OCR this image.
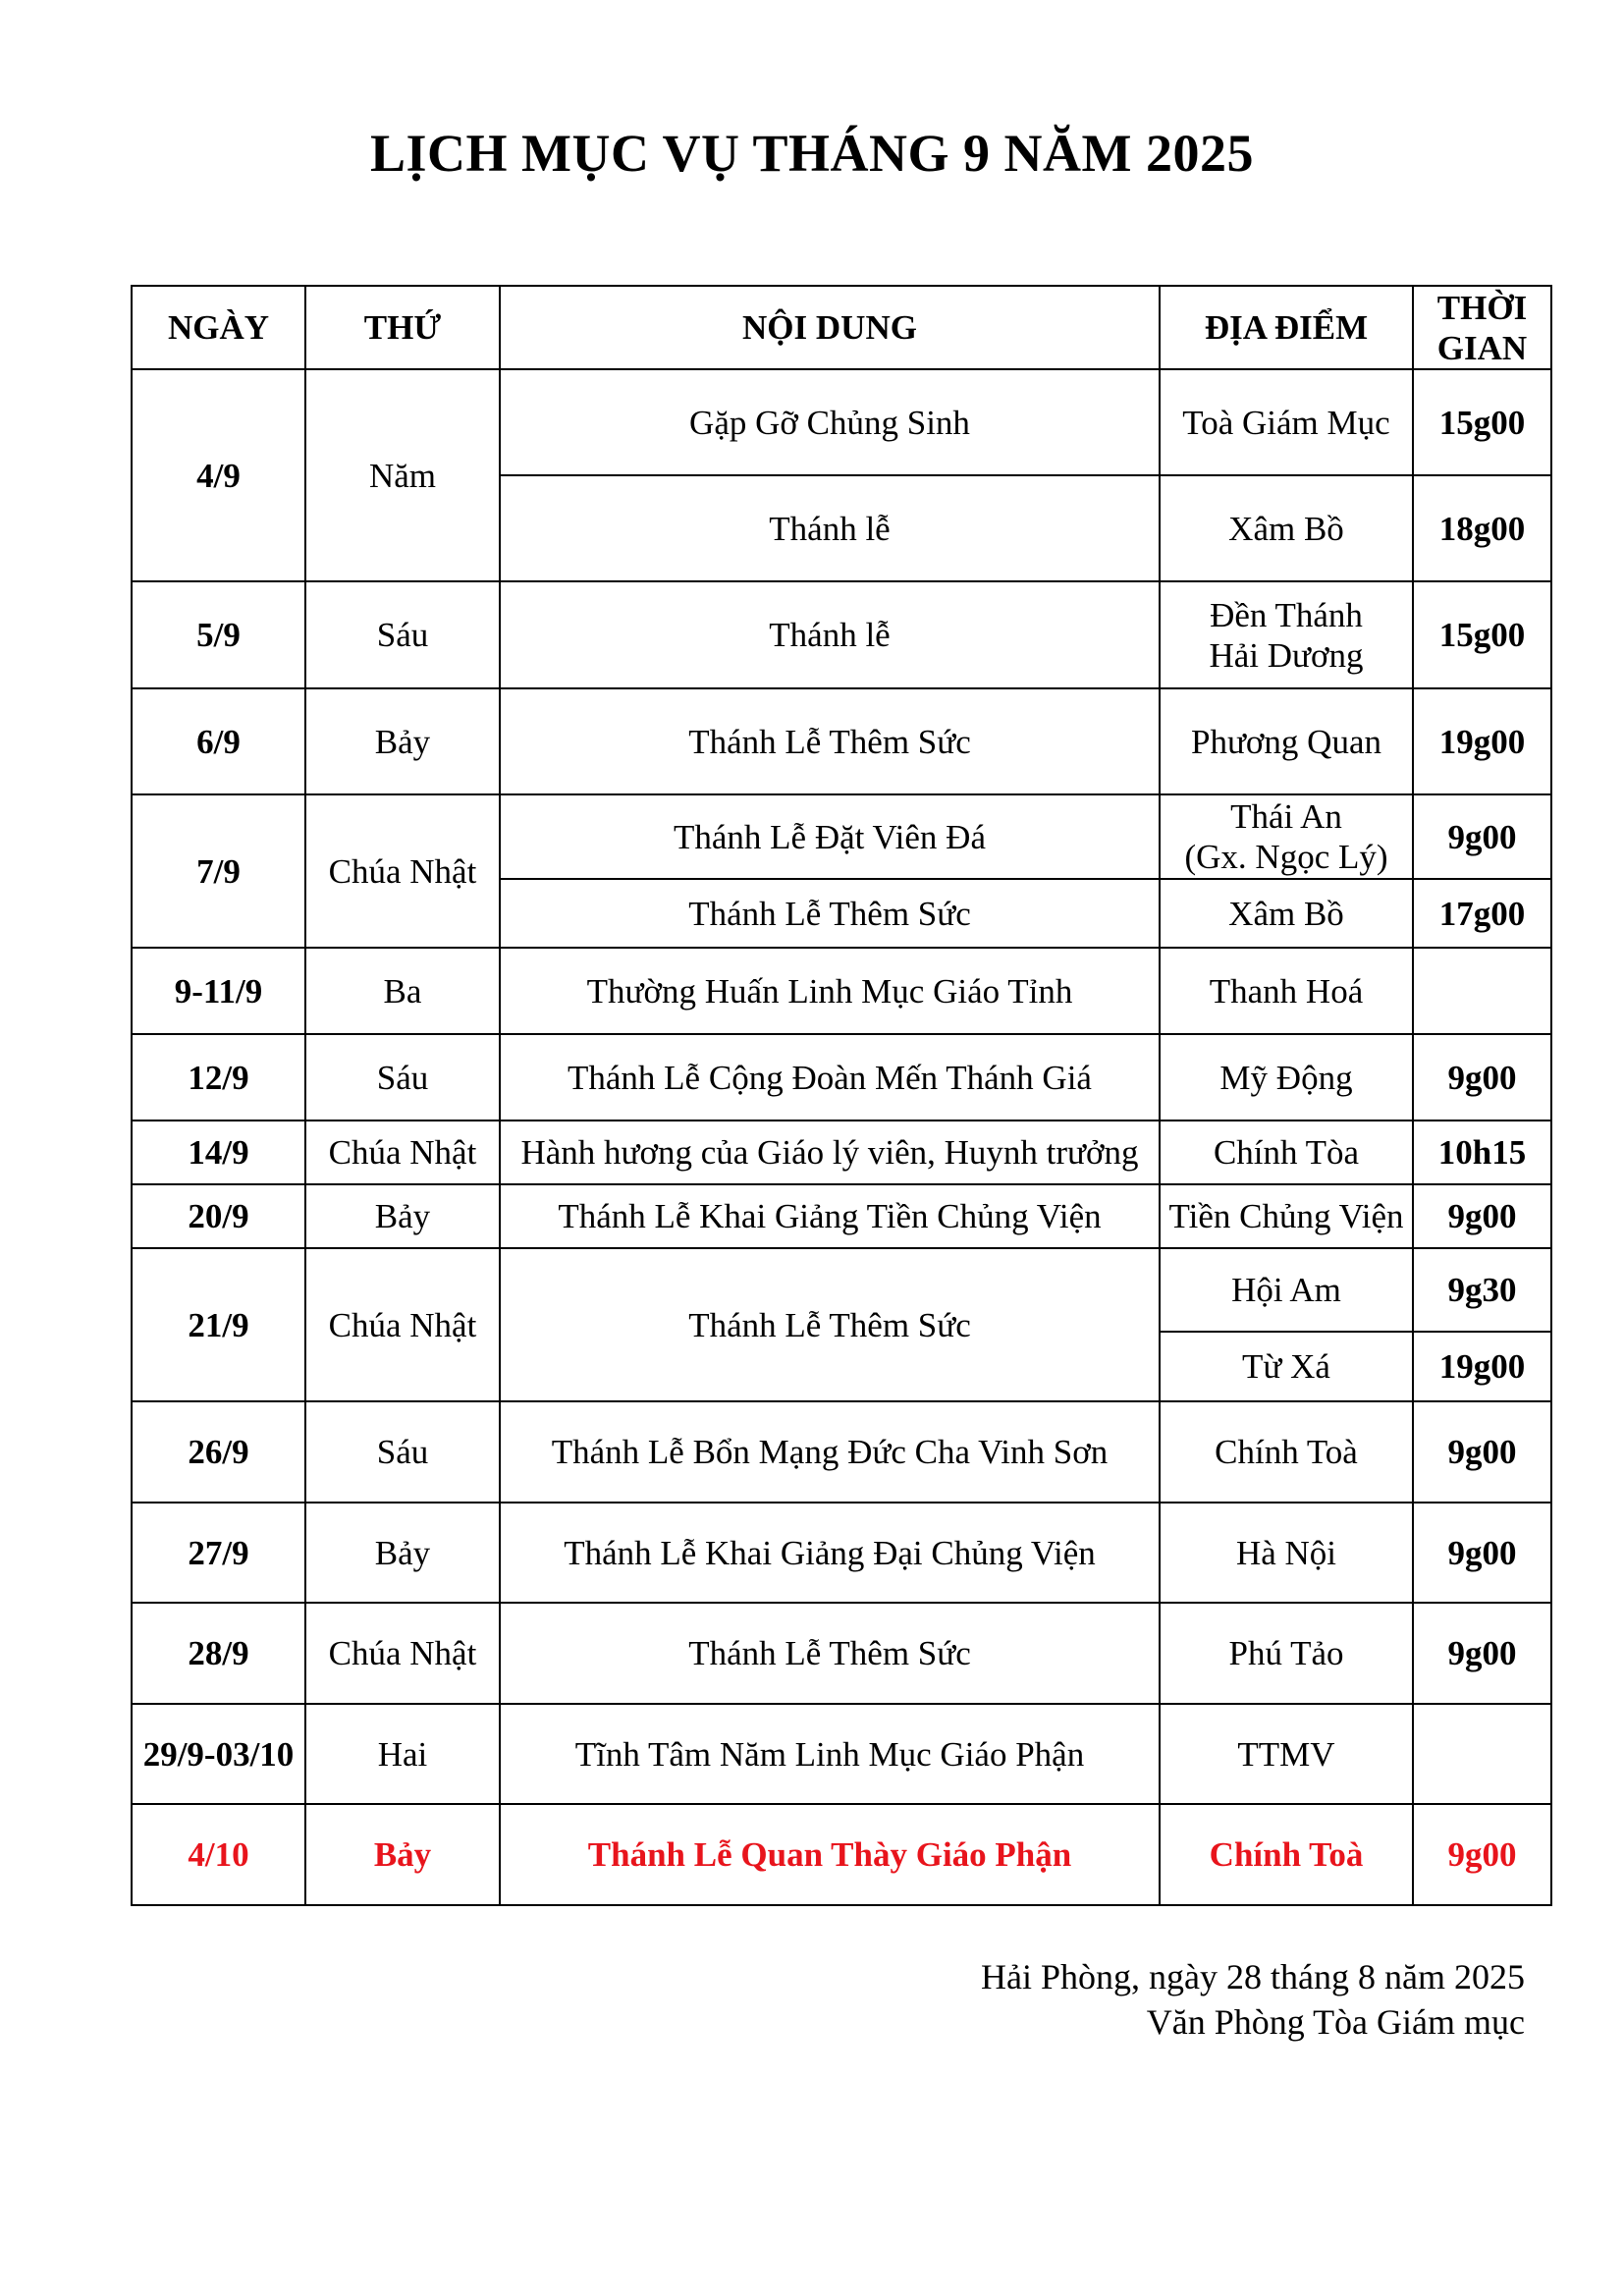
LỊCH MỤC VỤ THÁNG 9 NĂM 2025
NGÀY	THỨ	NỘI DUNG	ĐỊA ĐIỂM	THỜI
GIAN
4/9	Năm	Gặp Gỡ Chủng Sinh	Toà Giám Mục	15g00
		Thánh lễ	Xâm Bồ	18g00
5/9	Sáu	Thánh lễ	Đền Thánh
Hải Dương	15g00
6/9	Bảy	Thánh Lễ Thêm Sức	Phương Quan	19g00
7/9	Chúa Nhật	Thánh Lễ Đặt Viên Đá	Thái An
(Gx. Ngọc Lý)	9g00
		Thánh Lễ Thêm Sức	Xâm Bồ	17g00
9-11/9	Ba	Thường Huấn Linh Mục Giáo Tỉnh	Thanh Hoá	
12/9	Sáu	Thánh Lễ Cộng Đoàn Mến Thánh Giá	Mỹ Động	9g00
14/9	Chúa Nhật	Hành hương của Giáo lý viên, Huynh trưởng	Chính Tòa	10h15
20/9	Bảy	Thánh Lễ Khai Giảng Tiền Chủng Viện	Tiền Chủng Viện	9g00
21/9	Chúa Nhật	Thánh Lễ Thêm Sức	Hội Am	9g30
			Từ Xá	19g00
26/9	Sáu	Thánh Lễ Bổn Mạng Đức Cha Vinh Sơn	Chính Toà	9g00
27/9	Bảy	Thánh Lễ Khai Giảng Đại Chủng Viện	Hà Nội	9g00
28/9	Chúa Nhật	Thánh Lễ Thêm Sức	Phú Tảo	9g00
29/9-03/10	Hai	Tĩnh Tâm Năm Linh Mục Giáo Phận	TTMV	
4/10	Bảy	Thánh Lễ Quan Thày Giáo Phận	Chính Toà	9g00
Hải Phòng, ngày 28 tháng 8 năm 2025
Văn Phòng Tòa Giám mục
